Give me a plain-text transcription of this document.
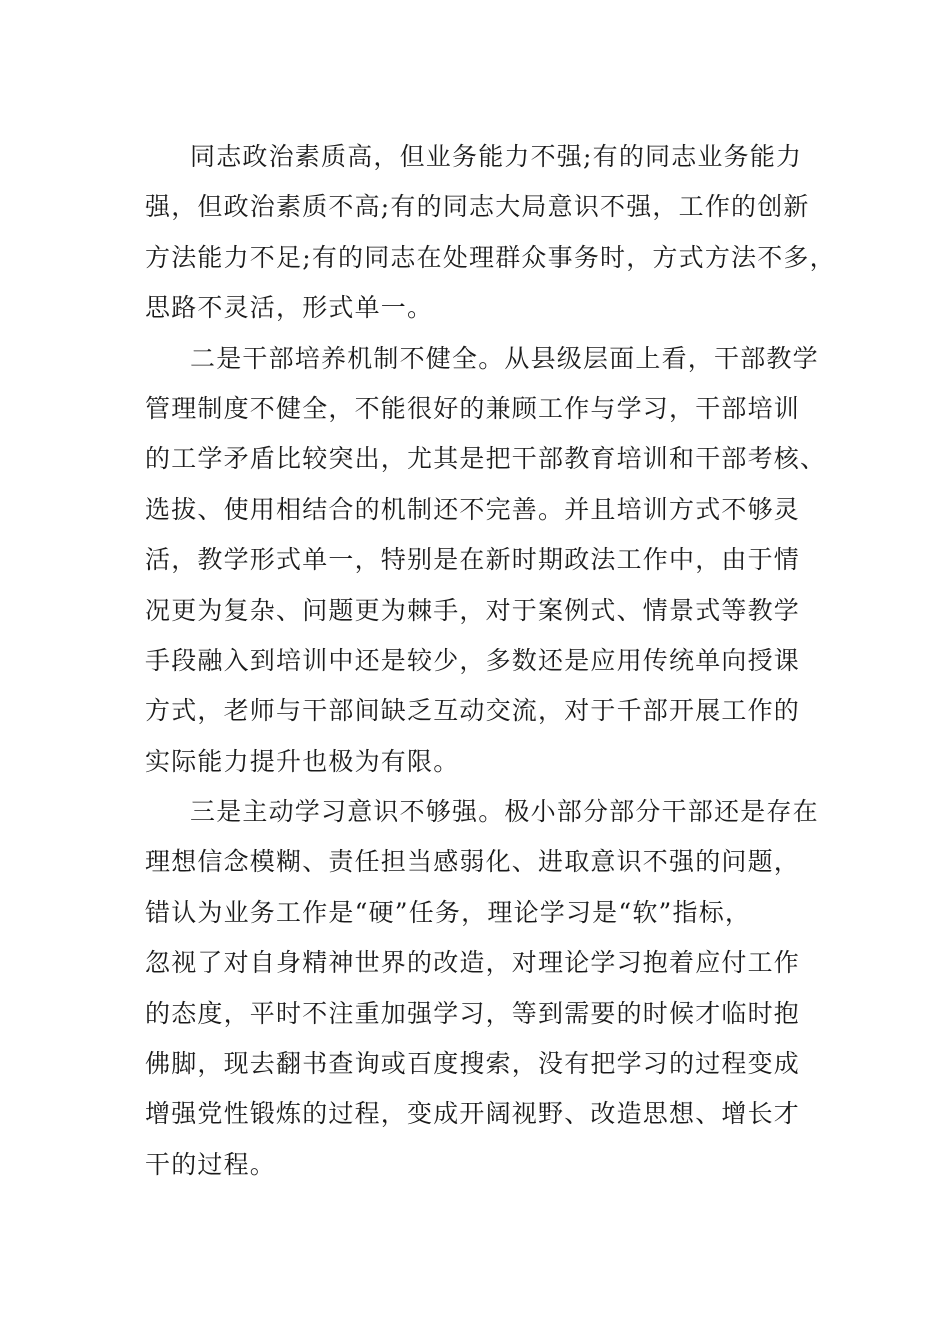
同志政治素质高，但业务能力不强;有的同志业务能力
强，但政治素质不高;有的同志大局意识不强，工作的创新
方法能力不足;有的同志在处理群众事务时，方式方法不多，
思路不灵活，形式单一。
二是干部培养机制不健全。从县级层面上看，干部教学
管理制度不健全，不能很好的兼顾工作与学习，干部培训
的工学矛盾比较突出，尤其是把干部教育培训和干部考核、
选拔、使用相结合的机制还不完善。并且培训方式不够灵
活，教学形式单一，特别是在新时期政法工作中，由于情
况更为复杂、问题更为棘手，对于案例式、情景式等教学
手段融入到培训中还是较少，多数还是应用传统单向授课
方式，老师与干部间缺乏互动交流，对于千部开展工作的
实际能力提升也极为有限。
三是主动学习意识不够强。极小部分部分干部还是存在
理想信念模糊、责任担当感弱化、进取意识不强的问题，
错认为业务工作是“硬”任务，理论学习是“软”指标，
忽视了对自身精神世界的改造，对理论学习抱着应付工作
的态度，平时不注重加强学习，等到需要的时候才临时抱
佛脚，现去翻书查询或百度搜索，没有把学习的过程变成
增强党性锻炼的过程，变成开阔视野、改造思想、增长才
干的过程。
